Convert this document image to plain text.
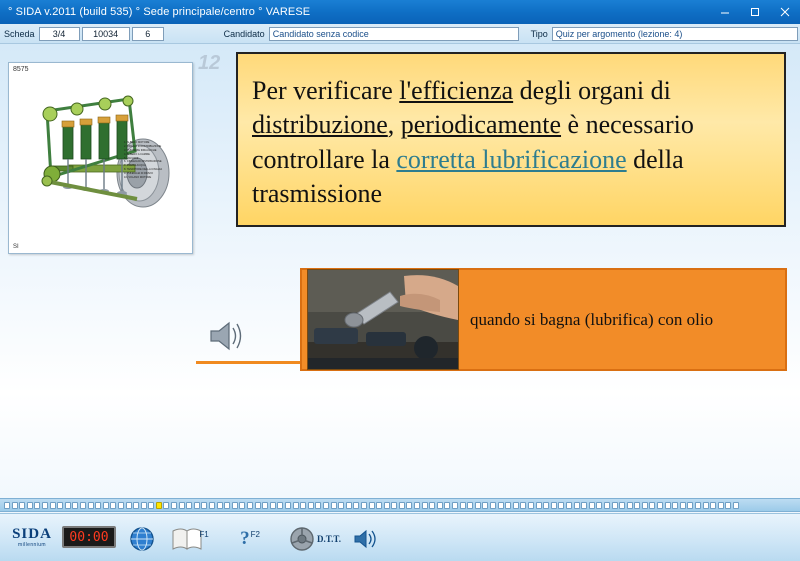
° SIDA v.2011 (build 535) ° Sede principale/centro ° VARESE
Scheda	3/4	10034	6	Candidato Candidato senza codice	Tipo Quiz per argomento (lezione: 4)
8575
SI
1. ALBERO MOTORE
2. ORGANI DI DISTRIBUZIONE
3. PUNTERIE IDRAULICHE
4. ALBERO A CAMME
5. VALVOLE
6. CINGHIA DI DISTRIBUZIONE
7. POMPA ACQUA
8. TENDITORE DELLA CINGHIA
9. PULEGGIA DI RINVIO
10. VOLANO MOTORE
12
Per verificare l'efficienza degli organi di distribuzione, periodicamente è necessario controllare la corretta lubrificazione della trasmissione
quando si bagna (lubrifica) con olio
SIDA
millennium	00:00	F1 ? F2	D.T.T.
